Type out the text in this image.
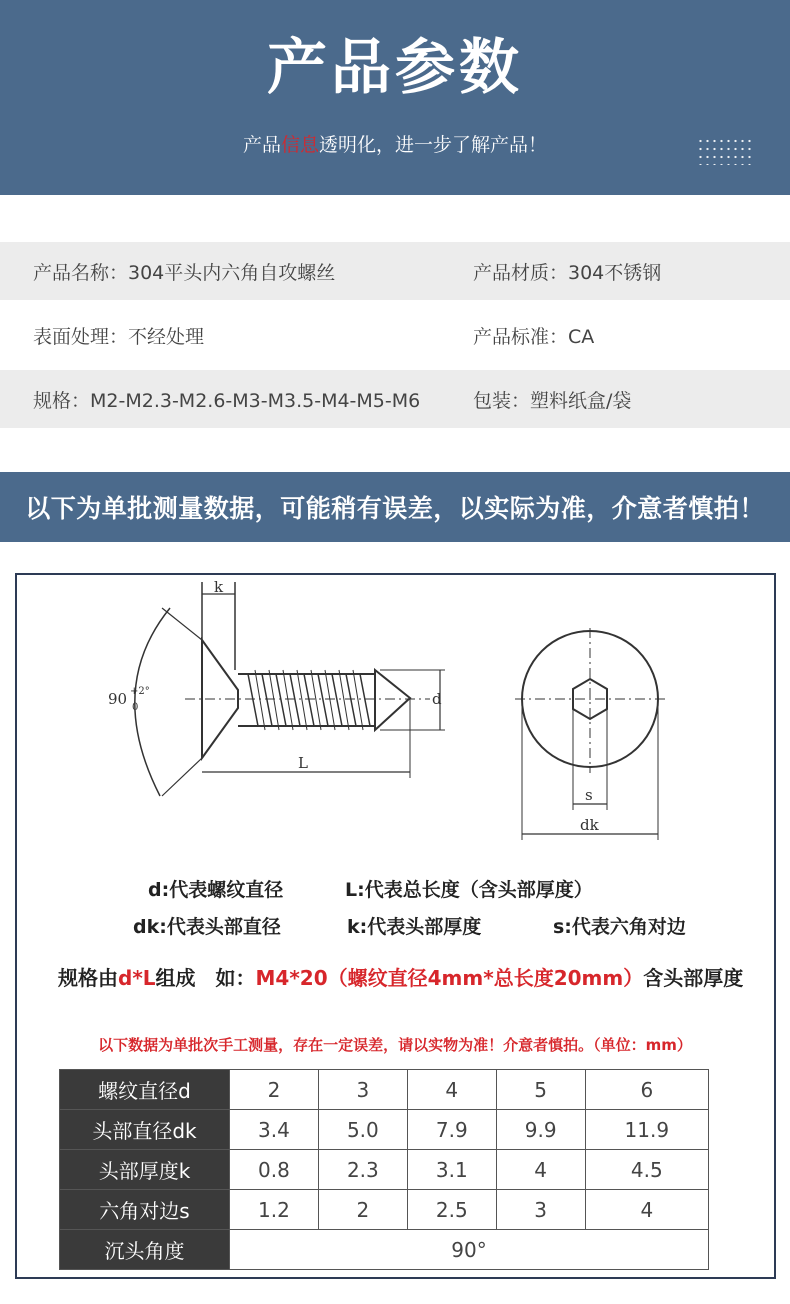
产品参数
产品信息透明化，进一步了解产品！
产品名称：304平头内六角自攻螺丝	产品材质：304不锈钢
表面处理：不经处理	产品标准：CA
规格：M2-M2.3-M2.6-M3-M3.5-M4-M5-M6	包装：塑料纸盒/袋
以下为单批测量数据，可能稍有误差，以实际为准，介意者慎拍！
k
90 +2°
0	d
L
s
dk
d:代表螺纹直径	L:代表总长度（含头部厚度）
dk:代表头部直径	k:代表头部厚度	s:代表六角对边
规格由d*L组成　如：M4*20（螺纹直径4mm*总长度20mm）含头部厚度
以下数据为单批次手工测量，存在一定误差，请以实物为准！介意者慎拍。（单位：mm）
螺纹直径d	2	3	4	5	6
头部直径dk	3.4	5.0	7.9	9.9	11.9
头部厚度k	0.8	2.3	3.1	4	4.5
六角对边s	1.2	2	2.5	3	4
沉头角度	90°				
